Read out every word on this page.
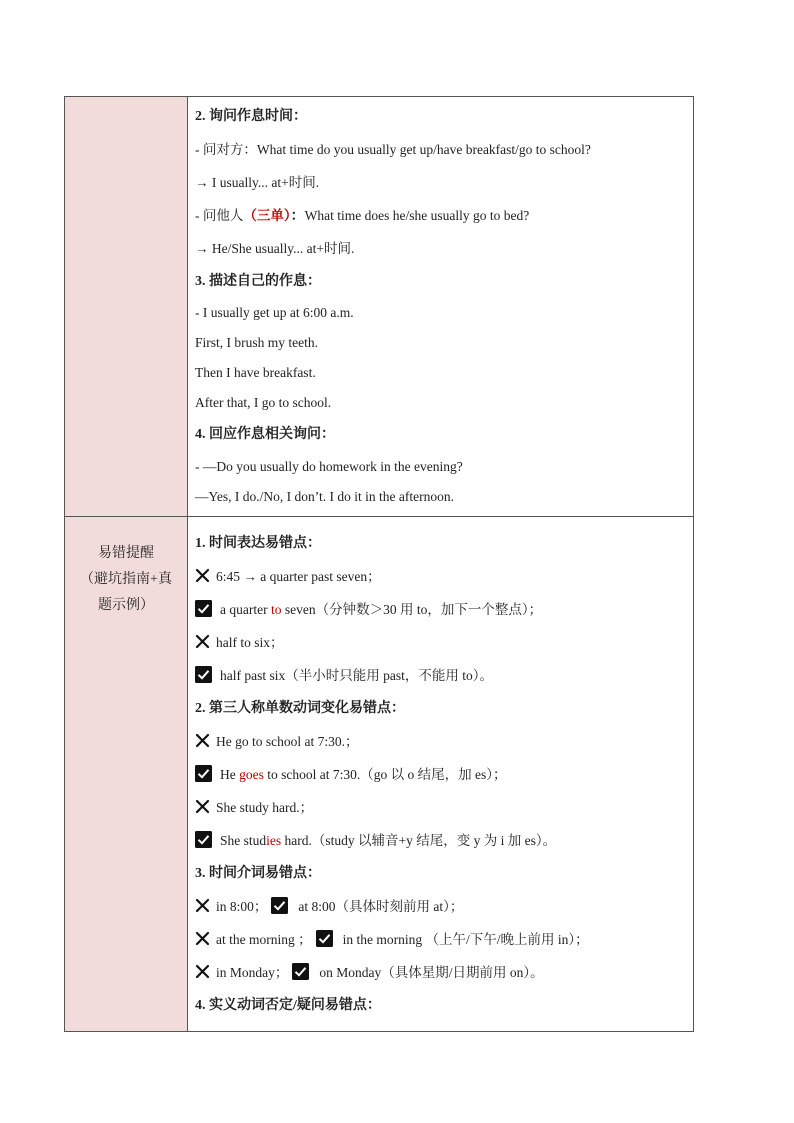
2. 询问作息时间：
- 问对方：What time do you usually get up/have breakfast/go to school?
→ I usually... at+时间.
- 问他人（三单）：What time does he/she usually go to bed?
→ He/She usually... at+时间.
3. 描述自己的作息：
- I usually get up at 6:00 a.m.
First, I brush my teeth.
Then I have breakfast.
After that, I go to school.
4. 回应作息相关询问：
- —Do you usually do homework in the evening?
—Yes, I do./No, I don’t. I do it in the afternoon.
易错提醒
（避坑指南+真
题示例）
1. 时间表达易错点：
6:45 → a quarter past seven；
a quarter to seven（分钟数＞30 用 to，加下一个整点）；
half to six；
half past six（半小时只能用 past，不能用 to）。
2. 第三人称单数动词变化易错点：
He go to school at 7:30.；
He goes to school at 7:30.（go 以 o 结尾，加 es）；
She study hard.；
She studies hard.（study 以辅音+y 结尾，变 y 为 i 加 es）。
3. 时间介词易错点：
in 8:00； at 8:00（具体时刻前用 at）；
at the morning ； in the morning （上午/下午/晚上前用 in）；
in Monday； on Monday（具体星期/日期前用 on）。
4. 实义动词否定/疑问易错点：
